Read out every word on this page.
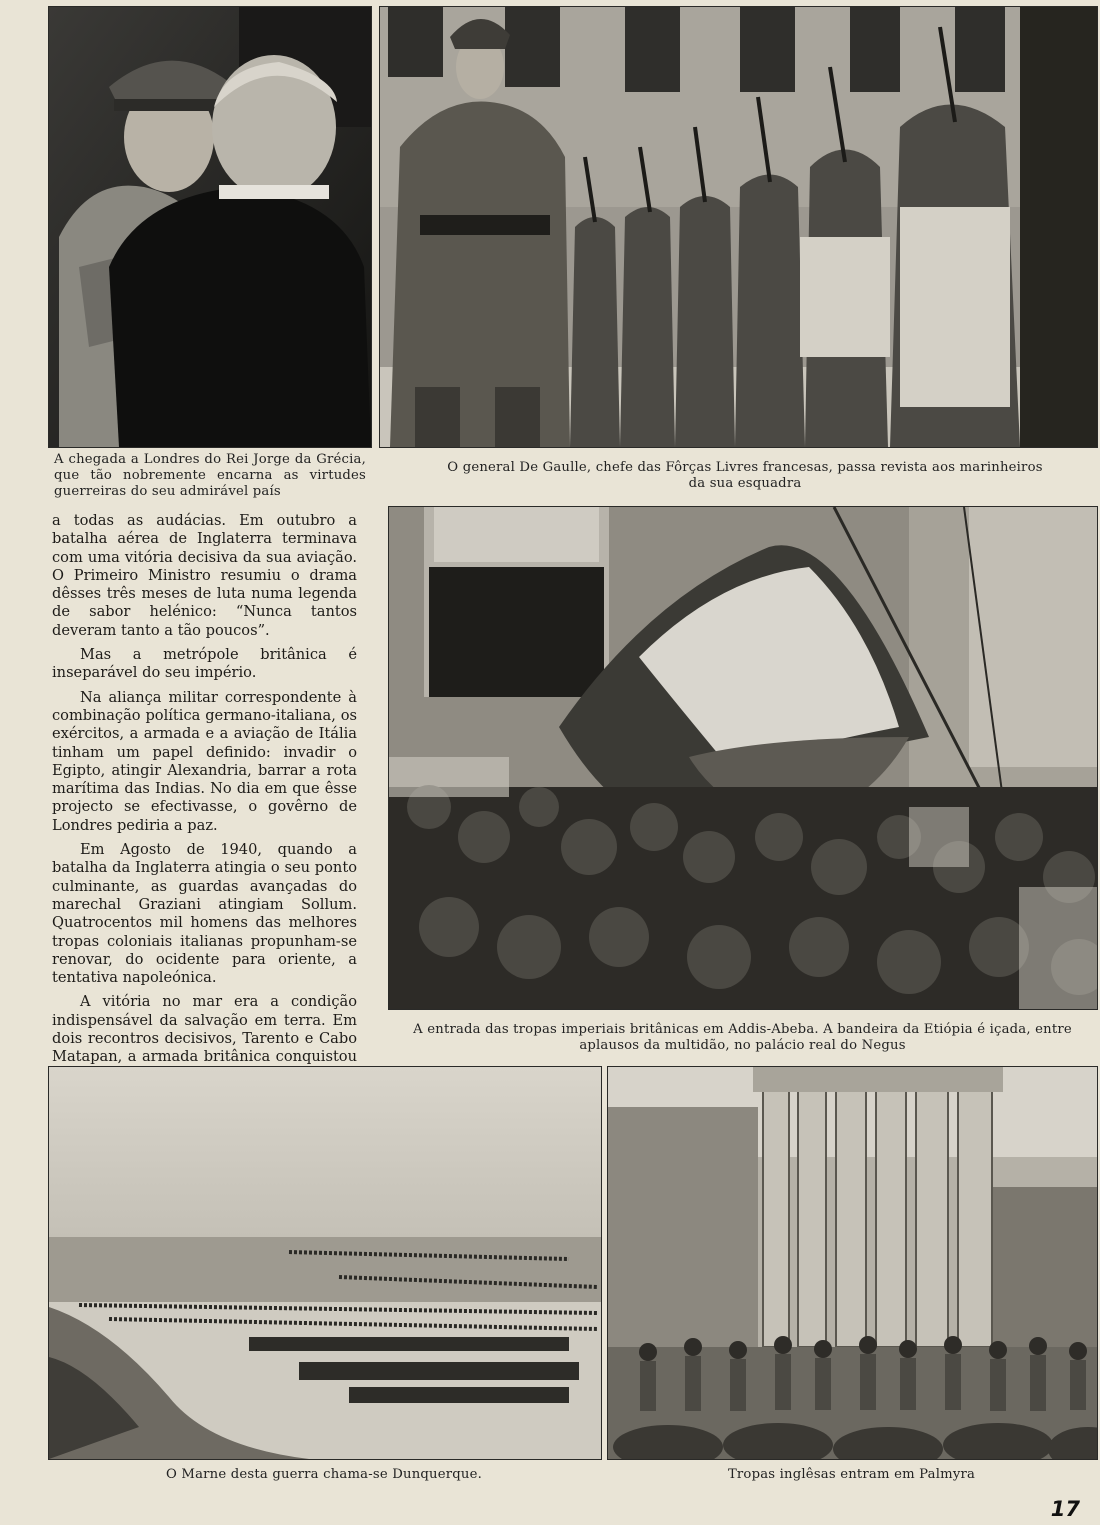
A chegada a Londres do Rei Jorge da Grécia, que tão nobremente encarna as virtudes guerreiras do seu admirável país
O general De Gaulle, chefe das Fôrças Livres francesas, passa revista aos marinheiros da sua esquadra

a todas as audácias. Em outubro a batalha aérea de Inglaterra terminava com uma vitória decisiva da sua aviação. O Primeiro Ministro resumiu o drama dêsses três meses de luta numa legenda de sabor helénico: “Nunca tantos deveram tanto a tão poucos”.

Mas a metrópole britânica é inseparável do seu império.

Na aliança militar correspondente à combinação política germano-italiana, os exércitos, a armada e a aviação de Itália tinham um papel definido: invadir o Egipto, atingir Alexandria, barrar a rota marítima das Indias. No dia em que êsse projecto se efectivasse, o govêrno de Londres pediria a paz.

Em Agosto de 1940, quando a batalha da Inglaterra atingia o seu ponto culminante, as guardas avançadas do marechal Graziani atingiam Sollum. Quatrocentos mil homens das melhores tropas coloniais italianas propunham-se renovar, do ocidente para oriente, a tentativa napoleónica.

A vitória no mar era a condição indispensável da salvação em terra. Em dois recontros decisivos, Tarento e Cabo Matapan, a armada britânica conquistou

A entrada das tropas imperiais britânicas em Addis-Abeba. A bandeira da Etiópia é içada, entre aplausos da multidão, no palácio real do Negus
O Marne desta guerra chama-se Dunquerque.	Tropas inglêsas entram em Palmyra
17
